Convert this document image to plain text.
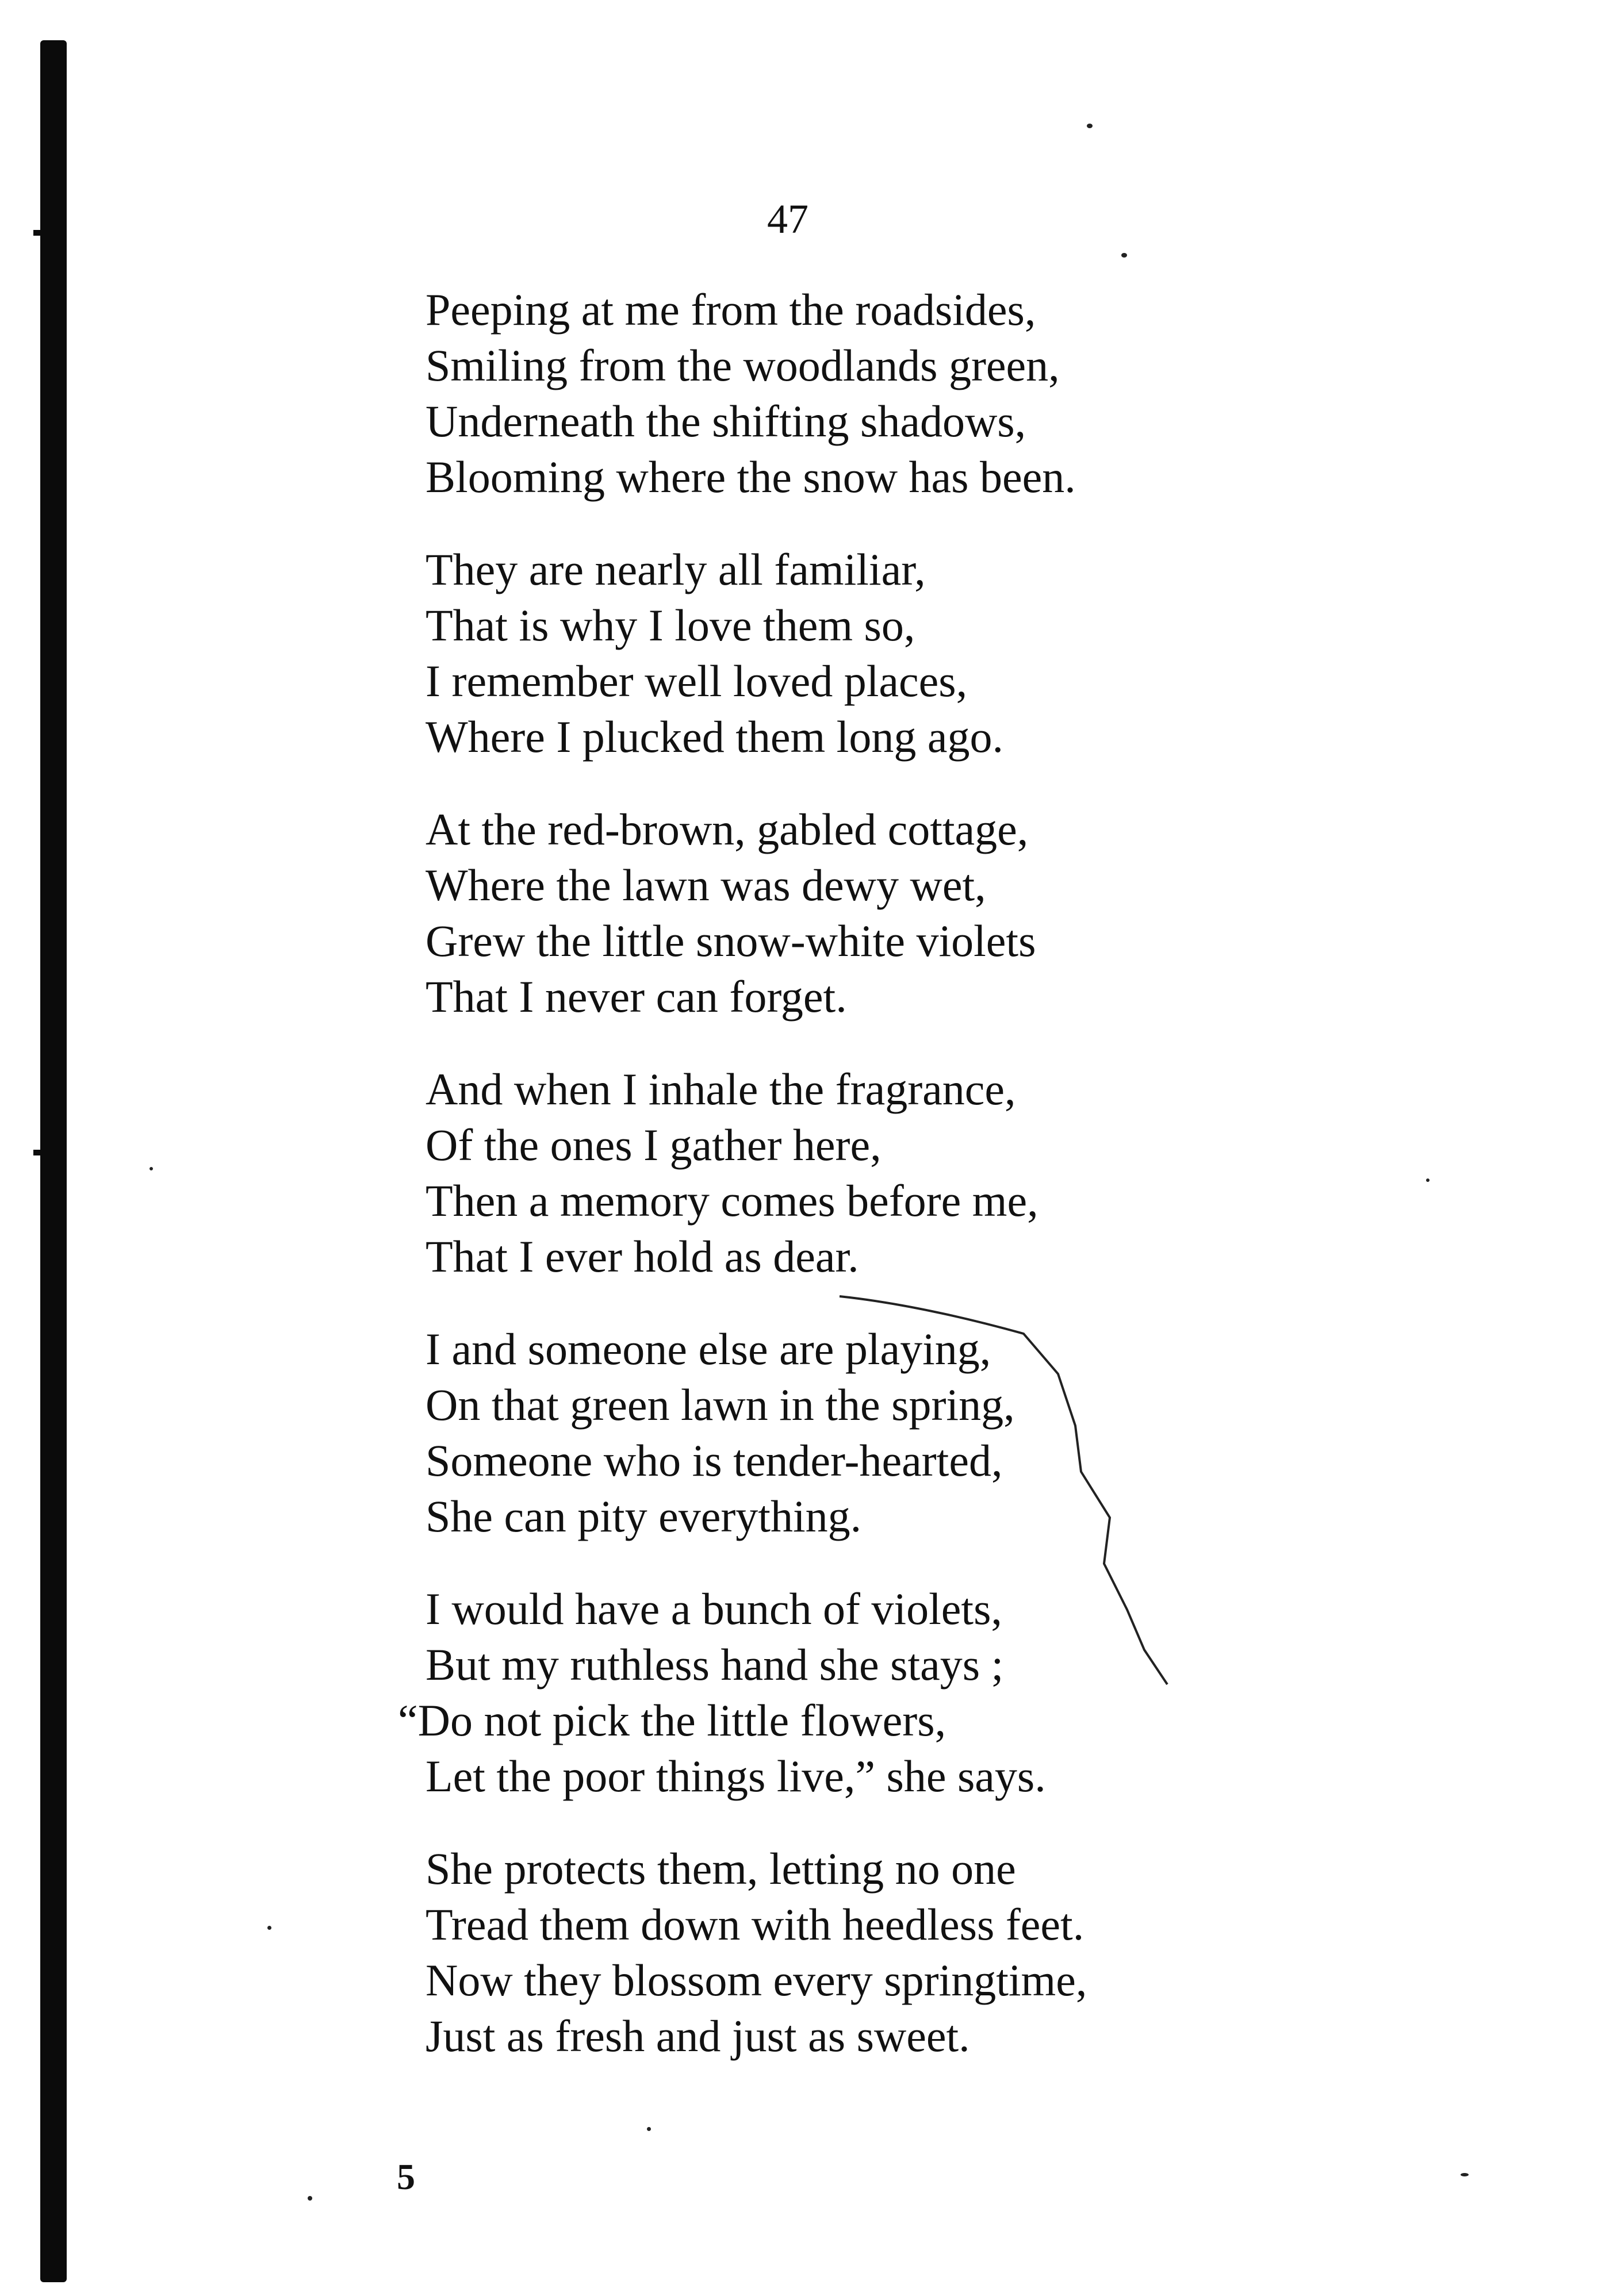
47
Peeping at me from the roadsides,
Smiling from the woodlands green,
Underneath the shifting shadows,
Blooming where the snow has been.
They are nearly all familiar,
That is why I love them so,
I remember well loved places,
Where I plucked them long ago.
At the red-brown, gabled cottage,
Where the lawn was dewy wet,
Grew the little snow-white violets
That I never can forget.
And when I inhale the fragrance,
Of the ones I gather here,
Then a memory comes before me,
That I ever hold as dear.
I and someone else are playing,
On that green lawn in the spring,
Someone who is tender-hearted,
She can pity everything.
I would have a bunch of violets,
But my ruthless hand she stays ;
“Do not pick the little flowers,
Let the poor things live,” she says.
She protects them, letting no one
Tread them down with heedless feet.
Now they blossom every springtime,
Just as fresh and just as sweet.
5
